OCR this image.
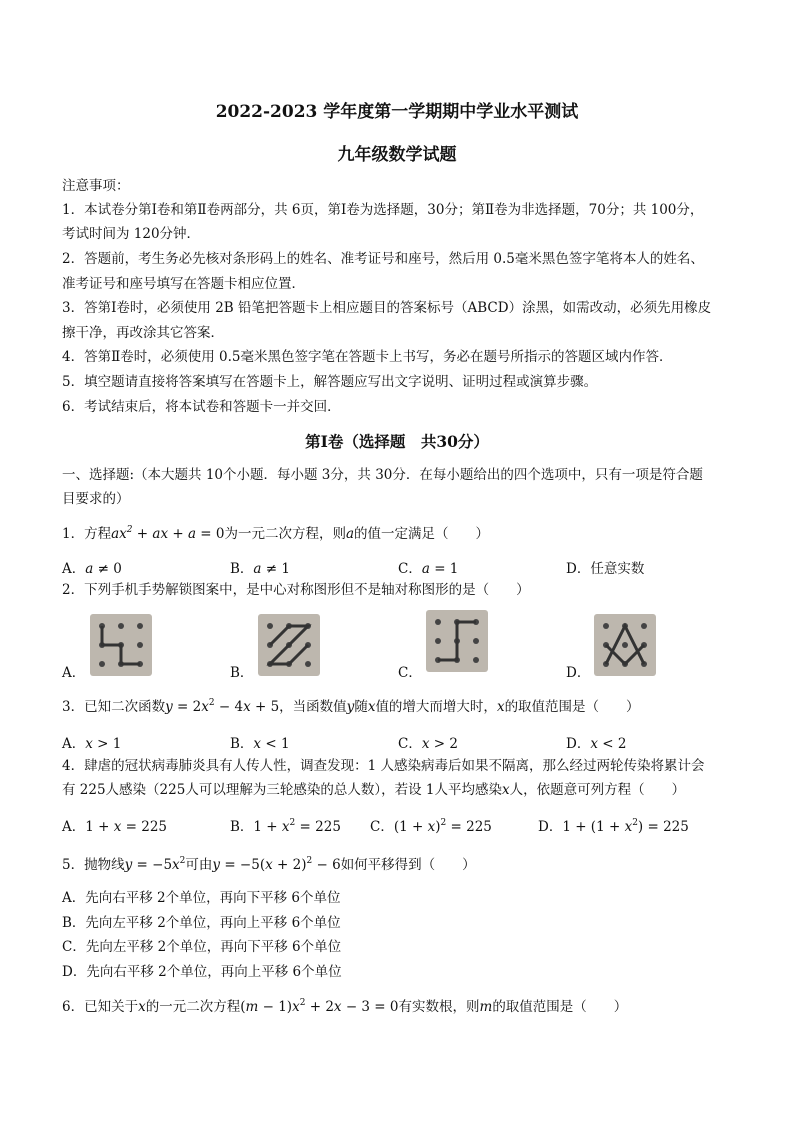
2022-2023 学年度第一学期期中学业水平测试
九年级数学试题
注意事项：
1．本试卷分第Ⅰ卷和第Ⅱ卷两部分，共 6页，第Ⅰ卷为选择题，30分；第Ⅱ卷为非选择题，70分；共 100分，
考试时间为 120分钟．
2．答题前，考生务必先核对条形码上的姓名、准考证号和座号，然后用 0.5毫米黑色签字笔将本人的姓名、
准考证号和座号填写在答题卡相应位置．
3．答第Ⅰ卷时，必须使用 2B 铅笔把答题卡上相应题目的答案标号（ABCD）涂黑，如需改动，必须先用橡皮
擦干净，再改涂其它答案．
4．答第Ⅱ卷时，必须使用 0.5毫米黑色签字笔在答题卡上书写，务必在题号所指示的答题区域内作答．
5．填空题请直接将答案填写在答题卡上，解答题应写出文字说明、证明过程或演算步骤。
6．考试结束后，将本试卷和答题卡一并交回．
第Ⅰ卷（选择题　共30分）
一、选择题:（本大题共 10个小题．每小题 3分，共 30分．在每小题给出的四个选项中，只有一项是符合题
目要求的）
1．方程$ax^2$ + ax + a = 0为一元二次方程，则a的值一定满足（　　）
A．a ≠ 0	B．a ≠ 1	C．a = 1	D．任意实数
2．下列手机手势解锁图案中，是中心对称图形但不是轴对称图形的是（　　）
A．	B．	C．	D．
3．已知二次函数$y = 2x^2 - 4x + 5$，当函数值y随x值的增大而增大时，x的取值范围是（　　）
A．x > 1	B．x < 1	C．x > 2	D．x < 2
4．肆虐的冠状病毒肺炎具有人传人性，调查发现：1 人感染病毒后如果不隔离，那么经过两轮传染将累计会
有 225人感染（225人可以理解为三轮感染的总人数），若设 1人平均感染x人，依题意可列方程（　　）
A．1 + x = 225	B．$1 + x^2 = 225$ C．$(1 + x)^2 = 225$	D．$1 + (1 + x^2) = 225$
5．抛物线$y = -5x^2$可由$y = -5(x + 2)^2 - 6$如何平移得到（　　）
A．先向右平移 2个单位，再向下平移 6个单位
B．先向左平移 2个单位，再向上平移 6个单位
C．先向左平移 2个单位，再向下平移 6个单位
D．先向右平移 2个单位，再向上平移 6个单位
6．已知关于x的一元二次方程$(m - 1)x^2 + 2x - 3 = 0$有实数根，则m的取值范围是（　　）
